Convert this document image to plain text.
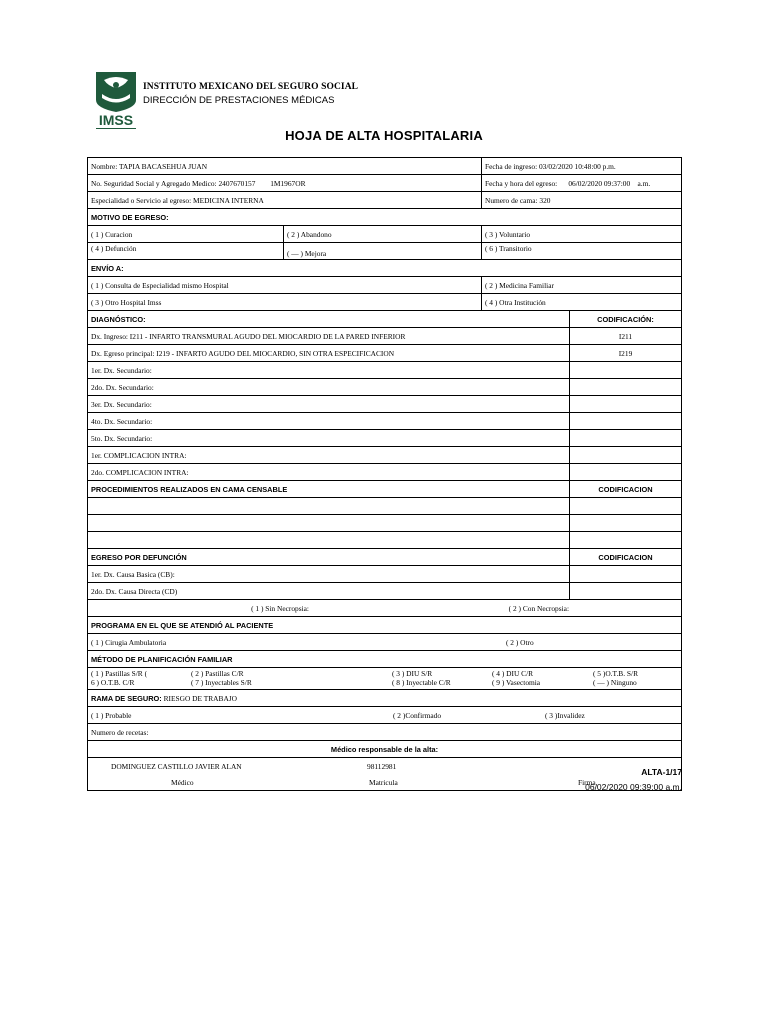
IMSS
INSTITUTO MEXICANO DEL SEGURO SOCIAL
DIRECCIÓN DE PRESTACIONES MÉDICAS
HOJA DE ALTA HOSPITALARIA
Nombre: TAPIA BACASEHUA JUAN		Fecha de ingreso: 03/02/2020 10:48:00 p.m.	
No. Seguridad Social y Agregado Medico: 2407670157 1M1967OR		Fecha y hora del egreso: 06/02/2020 09:37:00 a.m.	
Especialidad o Servicio al egreso: MEDICINA INTERNA		Numero de cama: 320	
MOTIVO DE EGRESO:			
( 1 ) Curacion	( 2 ) Abandono	( 3 ) Voluntario	
( 4 ) Defunción	( — ) Mejora	( 6 ) Transitorio	
ENVÍO A:			
( 1 ) Consulta de Especialidad mismo Hospital		( 2 ) Medicina Familiar	
( 3 ) Otro Hospital Imss		( 4 ) Otra Institución	
DIAGNÓSTICO:			CODIFICACIÓN:
Dx. Ingreso: I211 - INFARTO TRANSMURAL AGUDO DEL MIOCARDIO DE LA PARED INFERIOR			I211
Dx. Egreso principal: I219 - INFARTO AGUDO DEL MIOCARDIO, SIN OTRA ESPECIFICACION			I219
1er. Dx. Secundario:			
2do. Dx. Secundario:			
3er. Dx. Secundario:			
4to. Dx. Secundario:			
5to. Dx. Secundario:			
1er. COMPLICACION INTRA:			
2do. COMPLICACION INTRA:			
PROCEDIMIENTOS REALIZADOS EN CAMA CENSABLE			CODIFICACION

EGRESO POR DEFUNCIÓN			CODIFICACION
1er. Dx. Causa Basica (CB):			
2do. Dx. Causa Directa (CD)			
( 1 ) Sin Necropsia: ( 2 ) Con Necropsia:			
PROGRAMA EN EL QUE SE ATENDIÓ AL PACIENTE			
( 1 ) Cirugia Ambulatoria ( 2 ) Otro			
MÉTODO DE PLANIFICACIÓN FAMILIAR			

( 1 ) Pastillas S/R ( ( 2 ) Pastillas C/R ( 3 ) DIU S/R ( 4 ) DIU C/R ( 5 )O.T.B. S/R
6 ) O.T.B. C/R ( 7 ) Inyectables S/R ( 8 ) Inyectable C/R ( 9 ) Vasectomia ( — ) Ninguno			

RAMA DE SEGURO: RIESGO DE TRABAJO			
( 1 ) Probable ( 2 )Confirmado ( 3 )Invalidez			
Numero de recetas:			
Médico responsable de la alta:			
DOMINGUEZ CASTILLO JAVIER ALAN 98112981			
Médico Matricula Firma			
ALTA-1/17
06/02/2020 09:39:00 a.m.
